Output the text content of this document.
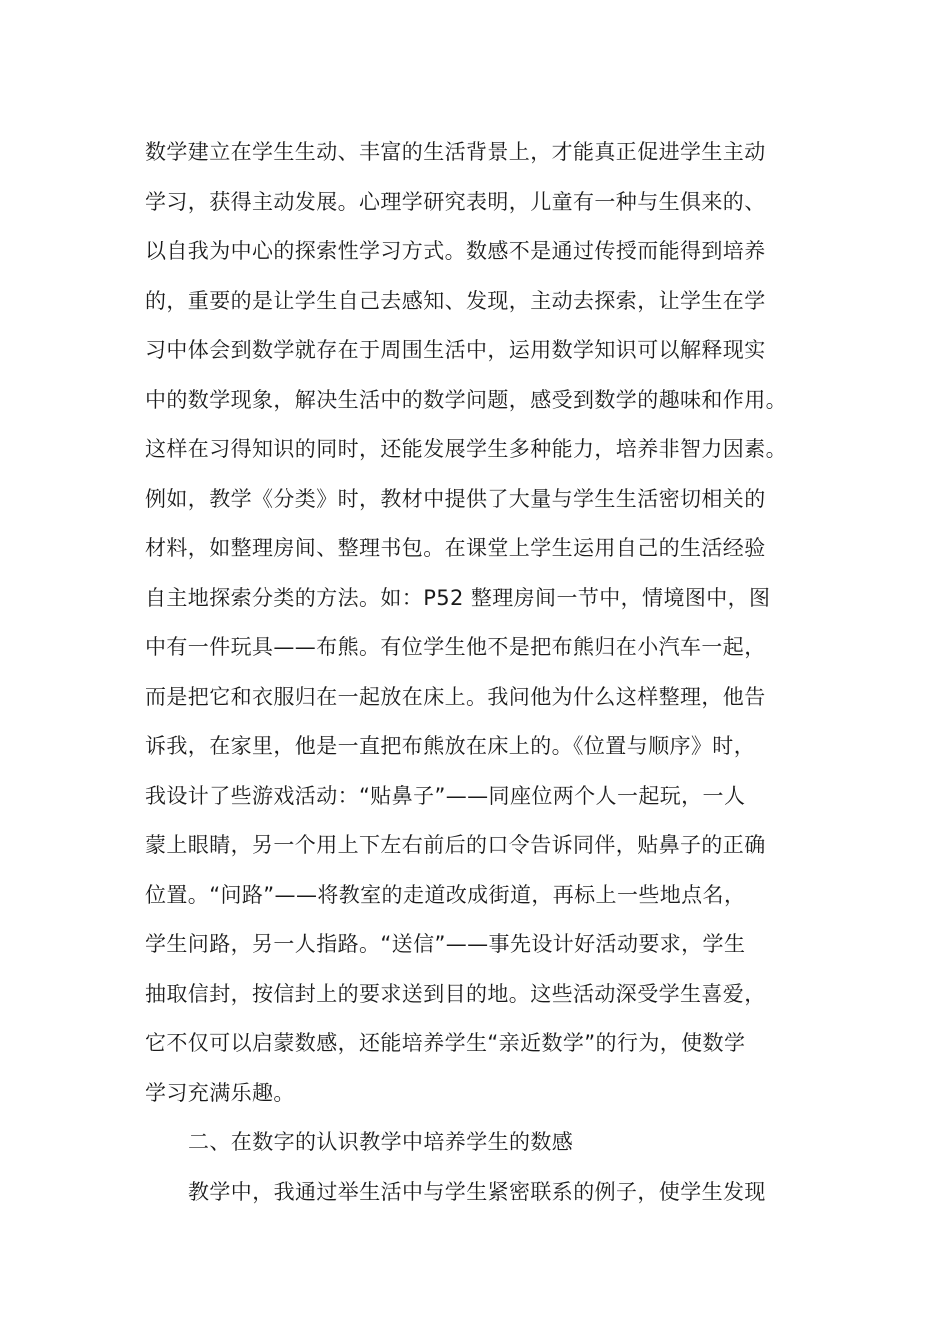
数学建立在学生生动、丰富的生活背景上，才能真正促进学生主动
学习，获得主动发展。心理学研究表明，儿童有一种与生俱来的、
以自我为中心的探索性学习方式。数感不是通过传授而能得到培养
的，重要的是让学生自己去感知、发现，主动去探索，让学生在学
习中体会到数学就存在于周围生活中，运用数学知识可以解释现实
中的数学现象，解决生活中的数学问题，感受到数学的趣味和作用。
这样在习得知识的同时，还能发展学生多种能力，培养非智力因素。
例如，教学《分类》时，教材中提供了大量与学生生活密切相关的
材料，如整理房间、整理书包。在课堂上学生运用自己的生活经验
自主地探索分类的方法。如：P52 整理房间一节中，情境图中，图
中有一件玩具——布熊。有位学生他不是把布熊归在小汽车一起，
而是把它和衣服归在一起放在床上。我问他为什么这样整理，他告
诉我，在家里，他是一直把布熊放在床上的。《位置与顺序》时，
我设计了些游戏活动：“贴鼻子”——同座位两个人一起玩，一人
蒙上眼睛，另一个用上下左右前后的口令告诉同伴，贴鼻子的正确
位置。“问路”——将教室的走道改成街道，再标上一些地点名，
学生问路，另一人指路。“送信”——事先设计好活动要求，学生
抽取信封，按信封上的要求送到目的地。这些活动深受学生喜爱，
它不仅可以启蒙数感，还能培养学生“亲近数学”的行为，使数学
学习充满乐趣。
二、在数字的认识教学中培养学生的数感
教学中，我通过举生活中与学生紧密联系的例子，使学生发现
